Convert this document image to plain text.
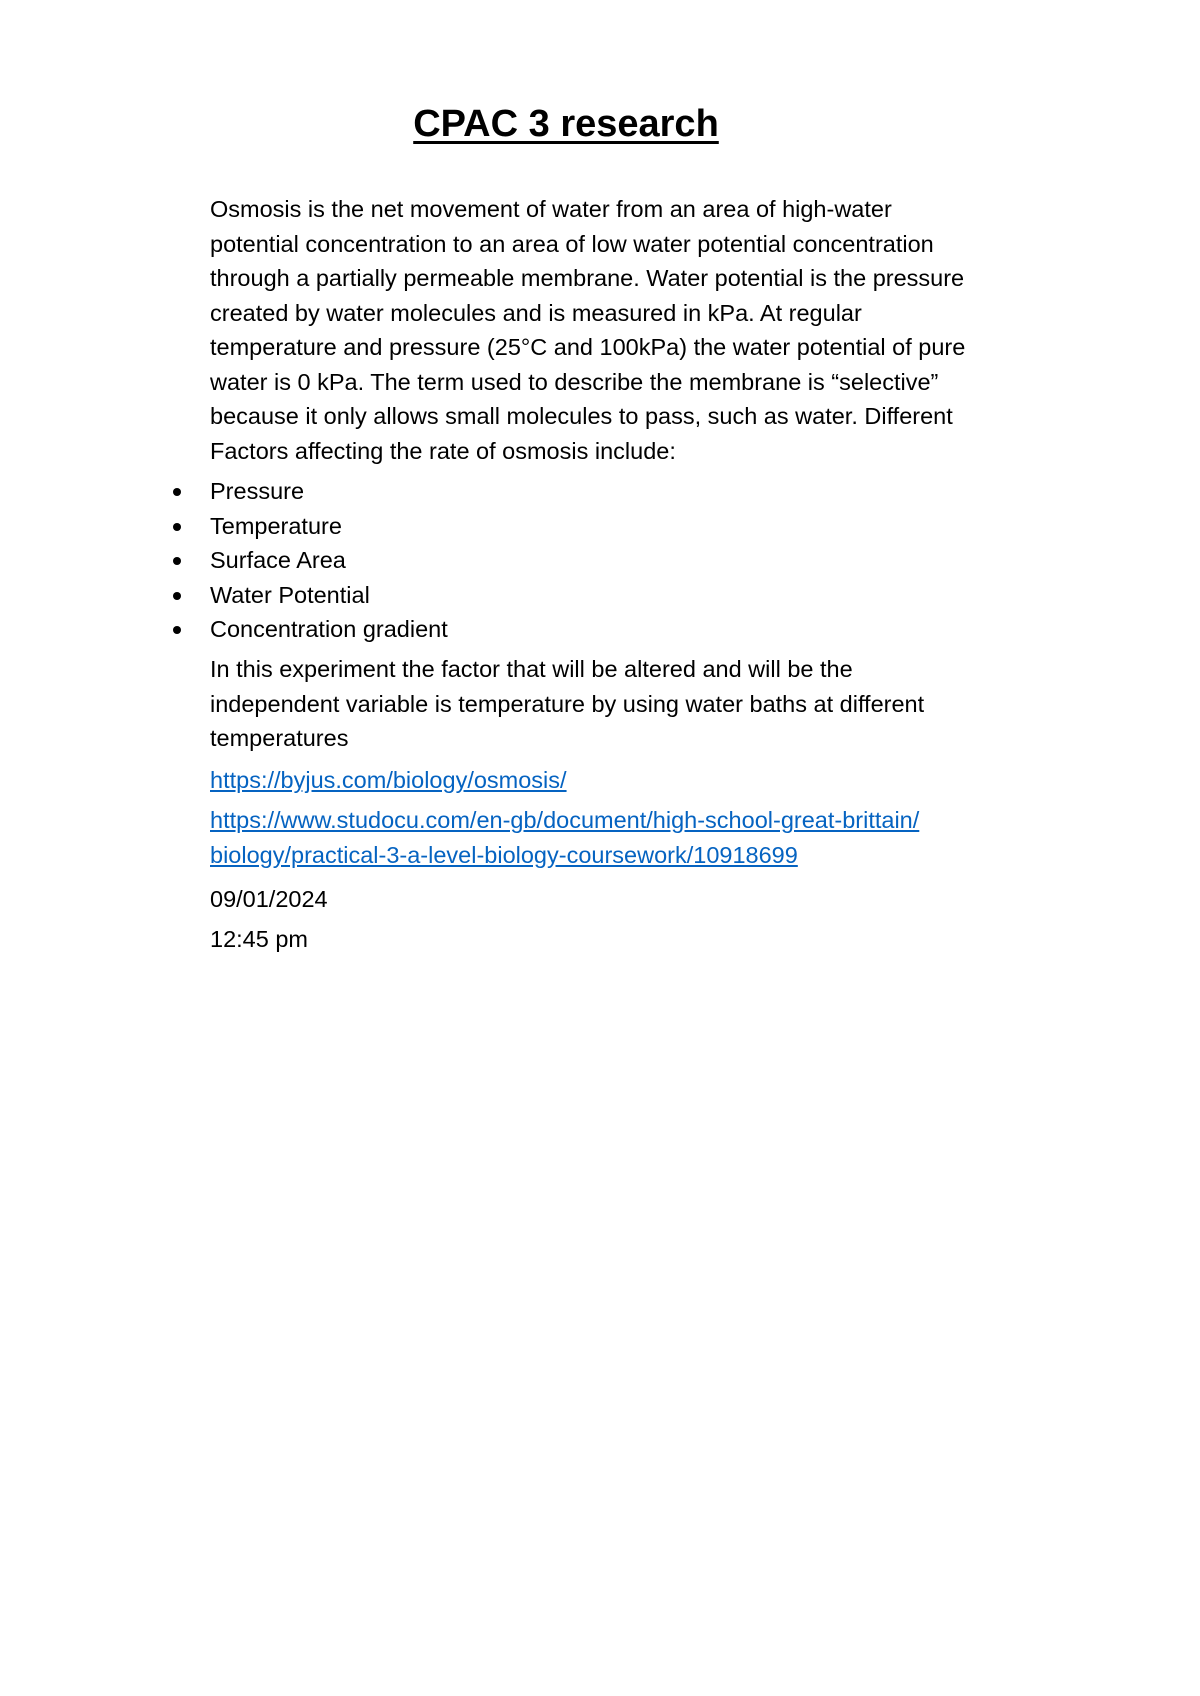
CPAC 3 research
Osmosis is the net movement of water from an area of high-water
potential concentration to an area of low water potential concentration
through a partially permeable membrane. Water potential is the pressure
created by water molecules and is measured in kPa. At regular
temperature and pressure (25°C and 100kPa) the water potential of pure
water is 0 kPa. The term used to describe the membrane is “selective”
because it only allows small molecules to pass, such as water. Different
Factors affecting the rate of osmosis include:
Pressure
Temperature
Surface Area
Water Potential
Concentration gradient
In this experiment the factor that will be altered and will be the
independent variable is temperature by using water baths at different
temperatures
https://byjus.com/biology/osmosis/
https://www.studocu.com/en-gb/document/high-school-great-brittain/
biology/practical-3-a-level-biology-coursework/10918699
09/01/2024
12:45 pm
